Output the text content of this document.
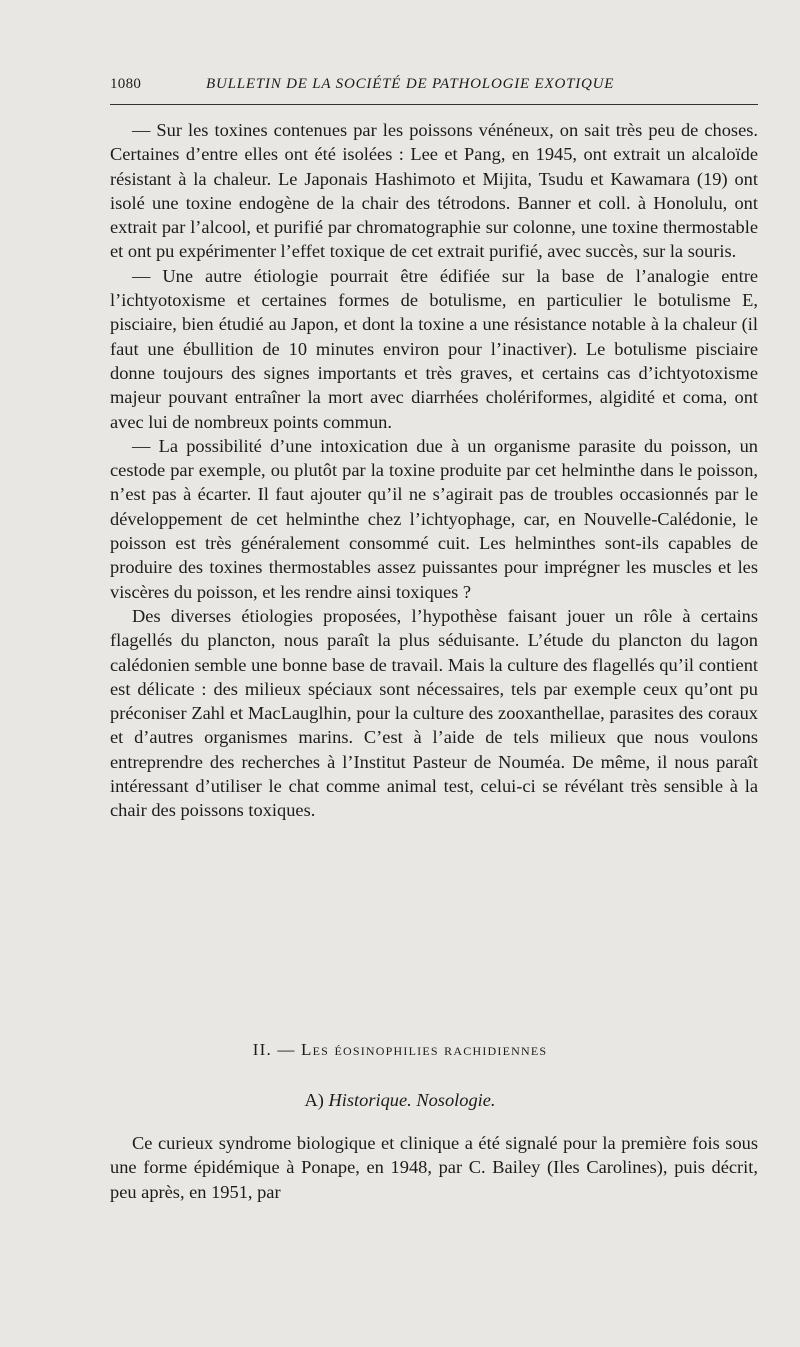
1080	BULLETIN DE LA SOCIÉTÉ DE PATHOLOGIE EXOTIQUE

— Sur les toxines contenues par les poissons vénéneux, on sait très peu de choses. Certaines d’entre elles ont été isolées : Lee et Pang, en 1945, ont extrait un alcaloïde résistant à la chaleur. Le Japonais Hashimoto et Mijita, Tsudu et Kawamara (19) ont isolé une toxine endogène de la chair des tétrodons. Banner et coll. à Honolulu, ont extrait par l’alcool, et purifié par chromatographie sur colonne, une toxine thermostable et ont pu expérimenter l’effet toxique de cet extrait purifié, avec succès, sur la souris.

— Une autre étiologie pourrait être édifiée sur la base de l’analogie entre l’ichtyotoxisme et certaines formes de botulisme, en particulier le botulisme E, pisciaire, bien étudié au Japon, et dont la toxine a une résistance notable à la chaleur (il faut une ébullition de 10 minutes environ pour l’inactiver). Le botulisme pisciaire donne toujours des signes importants et très graves, et certains cas d’ichtyotoxisme majeur pouvant entraîner la mort avec diarrhées cholériformes, algidité et coma, ont avec lui de nombreux points commun.

— La possibilité d’une intoxication due à un organisme parasite du poisson, un cestode par exemple, ou plutôt par la toxine produite par cet helminthe dans le poisson, n’est pas à écarter. Il faut ajouter qu’il ne s’agirait pas de troubles occasionnés par le développement de cet helminthe chez l’ichtyophage, car, en Nouvelle-Calédonie, le poisson est très généralement consommé cuit. Les helminthes sont-ils capables de produire des toxines thermostables assez puissantes pour imprégner les muscles et les viscères du poisson, et les rendre ainsi toxiques ?

Des diverses étiologies proposées, l’hypothèse faisant jouer un rôle à certains flagellés du plancton, nous paraît la plus séduisante. L’étude du plancton du lagon calédonien semble une bonne base de travail. Mais la culture des flagellés qu’il contient est délicate : des milieux spéciaux sont nécessaires, tels par exemple ceux qu’ont pu préconiser Zahl et MacLauglhin, pour la culture des zooxanthellae, parasites des coraux et d’autres organismes marins. C’est à l’aide de tels milieux que nous voulons entreprendre des recherches à l’Institut Pasteur de Nouméa. De même, il nous paraît intéressant d’utiliser le chat comme animal test, celui-ci se révélant très sensible à la chair des poissons toxiques.

II. — Les éosinophilies rachidiennes
A) Historique. Nosologie.

Ce curieux syndrome biologique et clinique a été signalé pour la première fois sous une forme épidémique à Ponape, en 1948, par C. Bailey (Iles Carolines), puis décrit, peu après, en 1951, par
